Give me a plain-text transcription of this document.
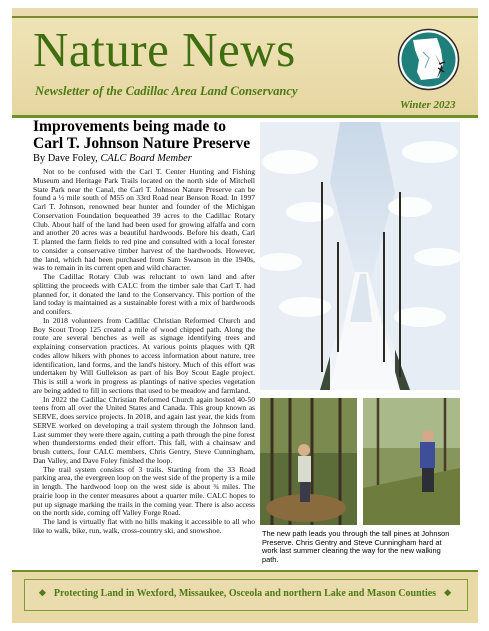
Nature News
Newsletter of the Cadillac Area Land Conservancy
Winter 2023
Improvements being made to
Carl T. Johnson Nature Preserve
By Dave Foley, CALC Board Member

Not to be confused with the Carl T. Center Hunting and Fishing Museum and Heritage Park Trails located on the north side of Mitchell State Park near the Canal, the Carl T. Johnson Nature Preserve can be found a ½ mile south of M55 on 33rd Road near Benson Road. In 1997 Carl T. Johnson, renowned bear hunter and founder of the Michigan Conservation Foundation bequeathed 39 acres to the Cadillac Rotary Club. About half of the land had been used for growing alfalfa and corn and another 20 acres was a beautiful hardwoods. Before his death, Carl T. planted the farm fields to red pine and consulted with a local forester to consider a conservative timber harvest of the hardwoods. However, the land, which had been purchased from Sam Swanson in the 1940s, was to remain in its current open and wild character.

The Cadillac Rotary Club was reluctant to own land and after splitting the proceeds with CALC from the timber sale that Carl T. had planned for, it donated the land to the Conservancy. This portion of the land today is maintained as a sustainable forest with a mix of hardwoods and conifers.

In 2018 volunteers from Cadillac Christian Reformed Church and Boy Scout Troop 125 created a mile of wood chipped path. Along the route are several benches as well as signage identifying trees and explaining conservation practices. At various points plaques with QR codes allow hikers with phones to access information about nature, tree identification, land forms, and the land's history. Much of this effort was undertaken by Will Gullekson as part of his Boy Scout Eagle project. This is still a work in progress as plantings of native species vegetation are being added to fill in sections that used to be meadow and farmland.

In 2022 the Cadillac Christian Reformed Church again hosted 40-50 teens from all over the United States and Canada. This group known as SERVE, does service projects. In 2018, and again last year, the kids from SERVE worked on developing a trail system through the Johnson land. Last summer they were there again, cutting a path through the pine forest when thunderstorms ended their effort. This fall, with a chainsaw and brush cutters, four CALC members, Chris Gentry, Steve Cunningham, Dan Valley, and Dave Foley finished the loop.

The trail system consists of 3 trails. Starting from the 33 Road parking area, the evergreen loop on the west side of the property is a mile in length. The hardwood loop on the west side is about ¾ miles. The prairie loop in the center measures about a quarter mile. CALC hopes to put up signage marking the trails in the coming year. There is also access on the north side, coming off Valley Forge Road.

The land is virtually flat with no hills making it accessible to all who like to walk, bike, run, walk, cross-country ski, and snowshoe.	The new path leads you through the tall pines at Johnson Preserve. Chris Gentry and Steve Cunningham hard at work last summer clearing the way for the new walking path.
❖ Protecting Land in Wexford, Missaukee, Osceola and northern Lake and Mason Counties ❖
